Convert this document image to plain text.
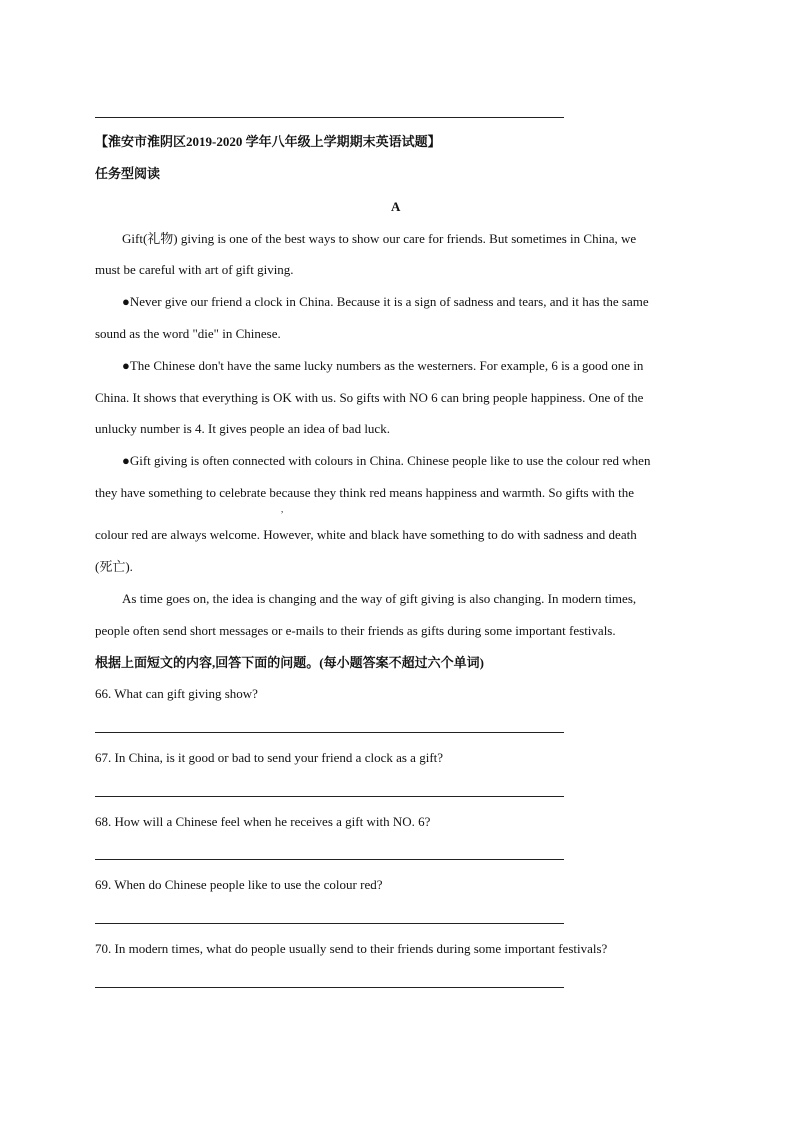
【淮安市淮阴区2019-2020 学年八年级上学期期末英语试题】
任务型阅读
A
Gift(礼物) giving is one of the best ways to show our care for friends. But sometimes in China, we
must be careful with art of gift giving.
●Never give our friend a clock in China. Because it is a sign of sadness and tears, and it has the same
sound as the word "die" in Chinese.
●The Chinese don't have the same lucky numbers as the westerners. For example, 6 is a good one in
China. It shows that everything is OK with us. So gifts with NO 6 can bring people happiness. One of the
unlucky number is 4. It gives people an idea of bad luck.
●Gift giving is often connected with colours in China. Chinese people like to use the colour red when
they have something to celebrate because they think red means happiness and warmth. So gifts with the
,
colour red are always welcome. However, white and black have something to do with sadness and death
(死亡).
As time goes on, the idea is changing and the way of gift giving is also changing. In modern times,
people often send short messages or e-mails to their friends as gifts during some important festivals.
根据上面短文的内容,回答下面的问题。(每小题答案不超过六个单词)
66. What can gift giving show?
67. In China, is it good or bad to send your friend a clock as a gift?
68. How will a Chinese feel when he receives a gift with NO. 6?
69. When do Chinese people like to use the colour red?
70. In modern times, what do people usually send to their friends during some important festivals?
